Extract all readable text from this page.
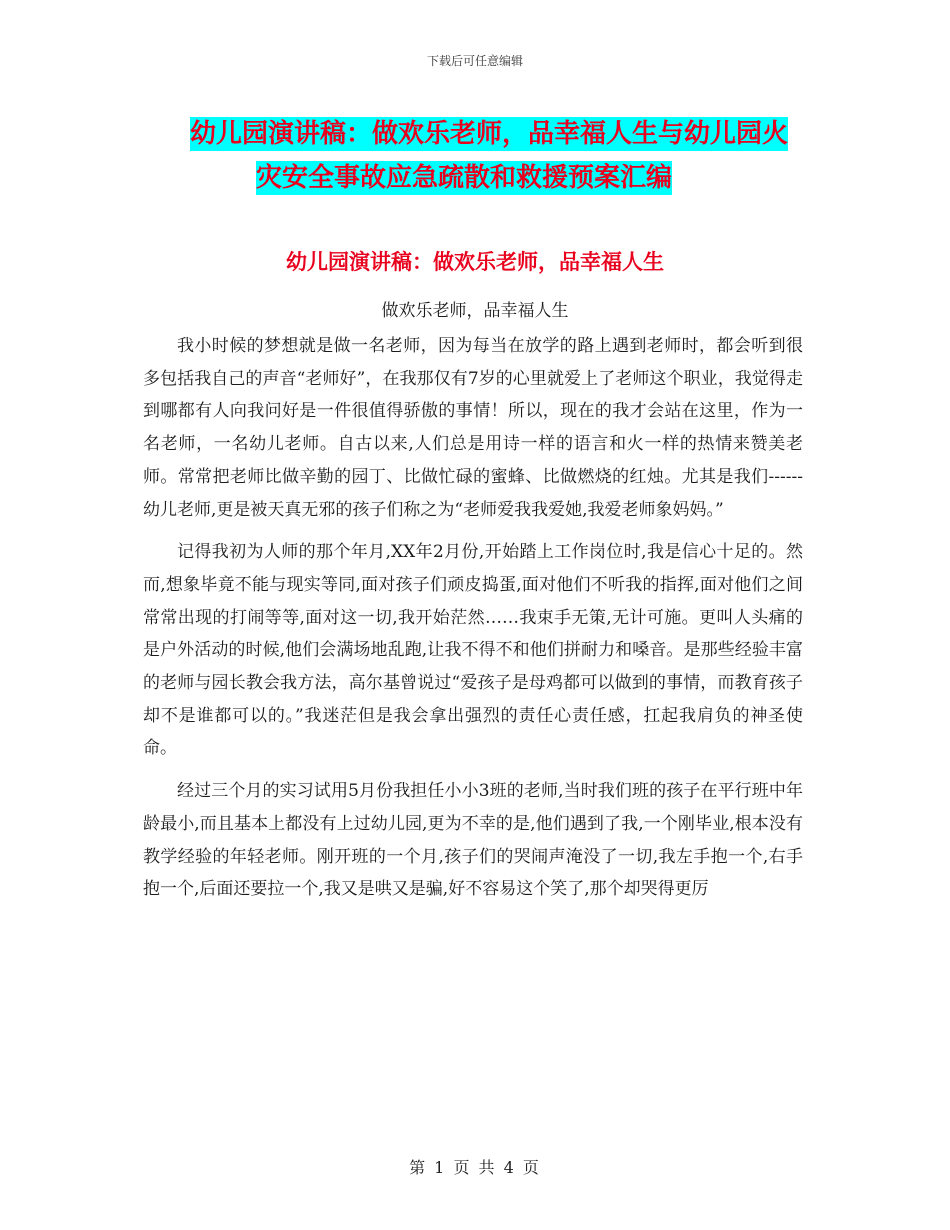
下载后可任意编辑
幼儿园演讲稿：做欢乐老师，品幸福人生与幼儿园火
灾安全事故应急疏散和救援预案汇编
幼儿园演讲稿：做欢乐老师，品幸福人生
做欢乐老师，品幸福人生

我小时候的梦想就是做一名老师，因为每当在放学的路上遇到老师时，都会听到很多包括我自己的声音“老师好”，在我那仅有7岁的心里就爱上了老师这个职业，我觉得走到哪都有人向我问好是一件很值得骄傲的事情！所以，现在的我才会站在这里，作为一名老师，一名幼儿老师。自古以来,人们总是用诗一样的语言和火一样的热情来赞美老师。常常把老师比做辛勤的园丁、比做忙碌的蜜蜂、比做燃烧的红烛。尤其是我们------幼儿老师,更是被天真无邪的孩子们称之为“老师爱我我爱她,我爱老师象妈妈。”

记得我初为人师的那个年月,XX年2月份,开始踏上工作岗位时,我是信心十足的。然而,想象毕竟不能与现实等同,面对孩子们顽皮捣蛋,面对他们不听我的指挥,面对他们之间常常出现的打闹等等,面对这一切,我开始茫然……我束手无策,无计可施。更叫人头痛的是户外活动的时候,他们会满场地乱跑,让我不得不和他们拼耐力和嗓音。是那些经验丰富的老师与园长教会我方法，高尔基曾说过“爱孩子是母鸡都可以做到的事情，而教育孩子却不是谁都可以的。”我迷茫但是我会拿出强烈的责任心责任感，扛起我肩负的神圣使命。

经过三个月的实习试用5月份我担任小小3班的老师,当时我们班的孩子在平行班中年龄最小,而且基本上都没有上过幼儿园,更为不幸的是,他们遇到了我,一个刚毕业,根本没有教学经验的年轻老师。刚开班的一个月,孩子们的哭闹声淹没了一切,我左手抱一个,右手抱一个,后面还要拉一个,我又是哄又是骗,好不容易这个笑了,那个却哭得更厉

第 1 页 共 4 页
